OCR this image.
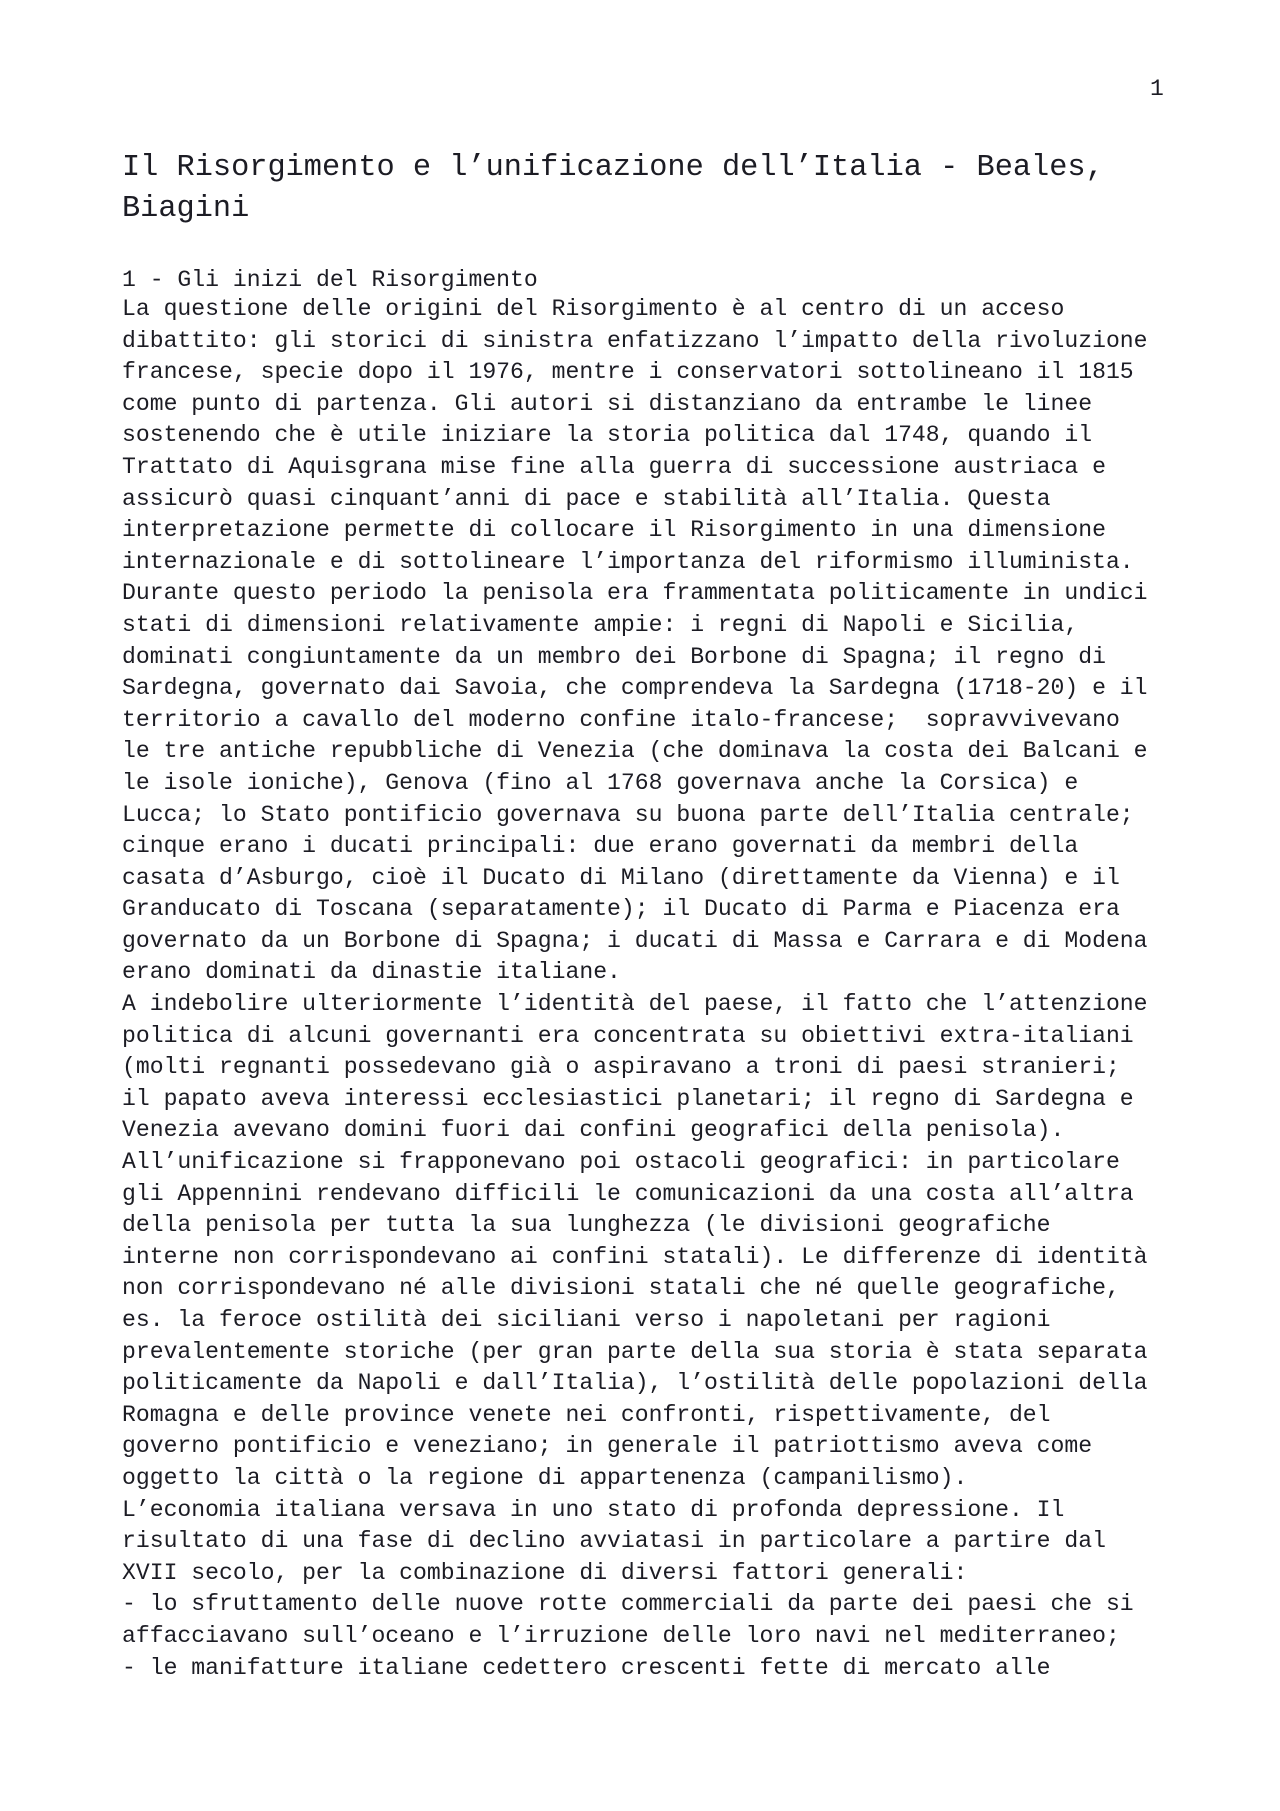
1
Il Risorgimento e l’unificazione dell’Italia - Beales,
Biagini
1 - Gli inizi del Risorgimento
La questione delle origini del Risorgimento è al centro di un acceso
dibattito: gli storici di sinistra enfatizzano l’impatto della rivoluzione
francese, specie dopo il 1976, mentre i conservatori sottolineano il 1815
come punto di partenza. Gli autori si distanziano da entrambe le linee
sostenendo che è utile iniziare la storia politica dal 1748, quando il
Trattato di Aquisgrana mise fine alla guerra di successione austriaca e
assicurò quasi cinquant’anni di pace e stabilità all’Italia. Questa
interpretazione permette di collocare il Risorgimento in una dimensione
internazionale e di sottolineare l’importanza del riformismo illuminista.
Durante questo periodo la penisola era frammentata politicamente in undici
stati di dimensioni relativamente ampie: i regni di Napoli e Sicilia,
dominati congiuntamente da un membro dei Borbone di Spagna; il regno di
Sardegna, governato dai Savoia, che comprendeva la Sardegna (1718-20) e il
territorio a cavallo del moderno confine italo-francese;  sopravvivevano
le tre antiche repubbliche di Venezia (che dominava la costa dei Balcani e
le isole ioniche), Genova (fino al 1768 governava anche la Corsica) e
Lucca; lo Stato pontificio governava su buona parte dell’Italia centrale;
cinque erano i ducati principali: due erano governati da membri della
casata d’Asburgo, cioè il Ducato di Milano (direttamente da Vienna) e il
Granducato di Toscana (separatamente); il Ducato di Parma e Piacenza era
governato da un Borbone di Spagna; i ducati di Massa e Carrara e di Modena
erano dominati da dinastie italiane.
A indebolire ulteriormente l’identità del paese, il fatto che l’attenzione
politica di alcuni governanti era concentrata su obiettivi extra-italiani
(molti regnanti possedevano già o aspiravano a troni di paesi stranieri;
il papato aveva interessi ecclesiastici planetari; il regno di Sardegna e
Venezia avevano domini fuori dai confini geografici della penisola).
All’unificazione si frapponevano poi ostacoli geografici: in particolare
gli Appennini rendevano difficili le comunicazioni da una costa all’altra
della penisola per tutta la sua lunghezza (le divisioni geografiche
interne non corrispondevano ai confini statali). Le differenze di identità
non corrispondevano né alle divisioni statali che né quelle geografiche,
es. la feroce ostilità dei siciliani verso i napoletani per ragioni
prevalentemente storiche (per gran parte della sua storia è stata separata
politicamente da Napoli e dall’Italia), l’ostilità delle popolazioni della
Romagna e delle province venete nei confronti, rispettivamente, del
governo pontificio e veneziano; in generale il patriottismo aveva come
oggetto la città o la regione di appartenenza (campanilismo).
L’economia italiana versava in uno stato di profonda depressione. Il
risultato di una fase di declino avviatasi in particolare a partire dal
XVII secolo, per la combinazione di diversi fattori generali:
- lo sfruttamento delle nuove rotte commerciali da parte dei paesi che si
affacciavano sull’oceano e l’irruzione delle loro navi nel mediterraneo;
- le manifatture italiane cedettero crescenti fette di mercato alle
